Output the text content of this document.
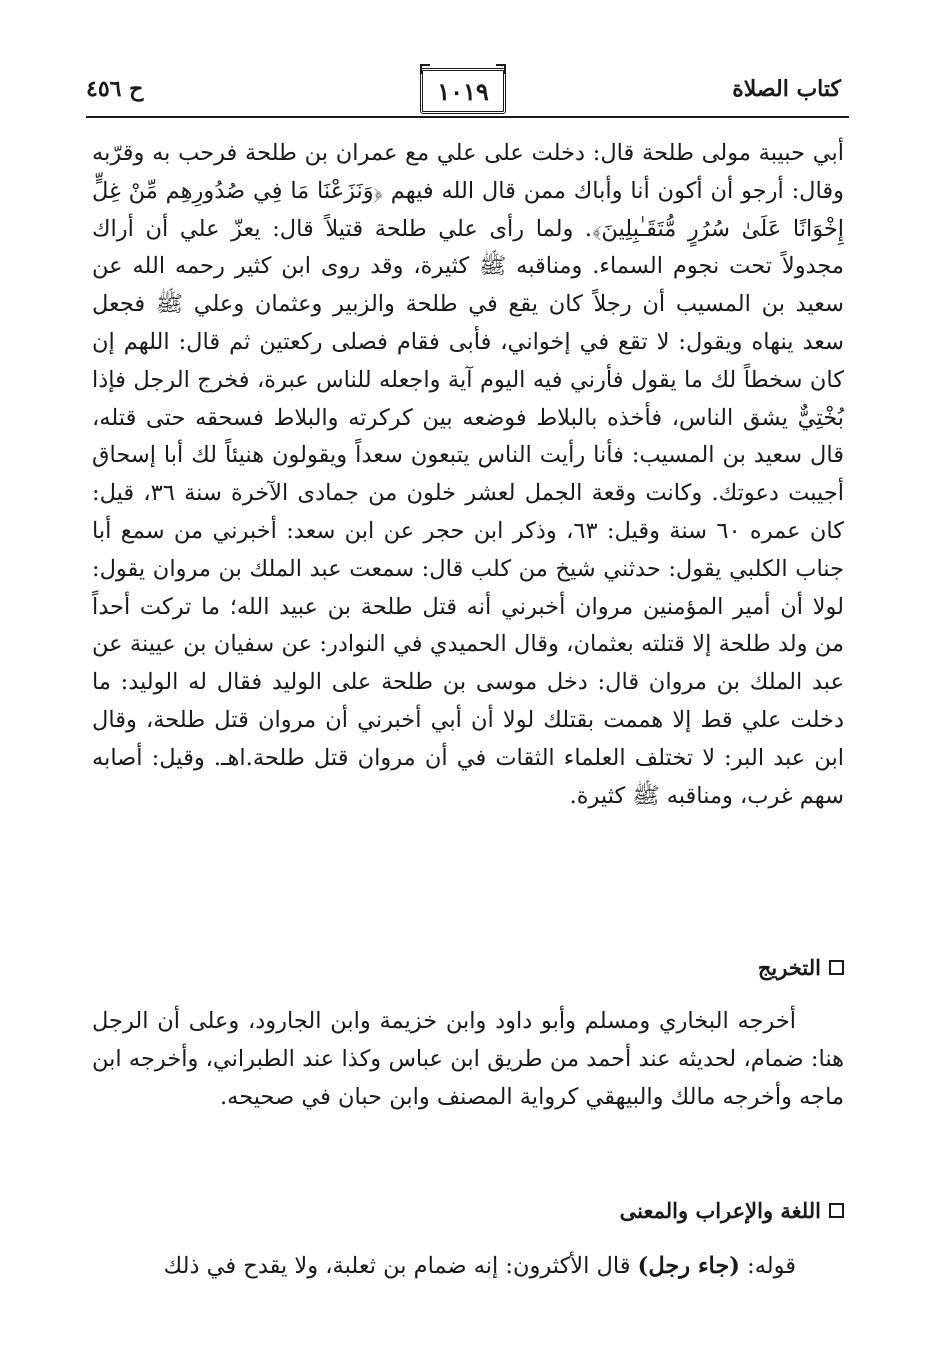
كتاب الصلاة
١٠١٩
ح ٤٥٦
أبي حبيبة مولى طلحة قال: دخلت على علي مع عمران بن طلحة فرحب به وقرّبه وقال: أرجو أن أكون أنا وأباك ممن قال الله فيهم ﴿وَنَزَعْنَا مَا فِي صُدُورِهِم مِّنْ غِلٍّ إِخْوَانًا عَلَىٰ سُرُرٍ مُّتَقَـٰبِلِينَ﴾. ولما رأى علي طلحة قتيلاً قال: يعزّ علي أن أراك مجدولاً تحت نجوم السماء. ومناقبه ﷺ كثيرة، وقد روى ابن كثير رحمه الله عن سعيد بن المسيب أن رجلاً كان يقع في طلحة والزبير وعثمان وعلي ﷺ فجعل سعد ينهاه ويقول: لا تقع في إخواني، فأبى فقام فصلى ركعتين ثم قال: اللهم إن كان سخطاً لك ما يقول فأرني فيه اليوم آية واجعله للناس عبرة، فخرج الرجل فإذا بُخْتِيٌّ يشق الناس، فأخذه بالبلاط فوضعه بين كركرته والبلاط فسحقه حتى قتله، قال سعيد بن المسيب: فأنا رأيت الناس يتبعون سعداً ويقولون هنيئاً لك أبا إسحاق أجيبت دعوتك. وكانت وقعة الجمل لعشر خلون من جمادى الآخرة سنة ٣٦، قيل: كان عمره ٦٠ سنة وقيل: ٦٣، وذكر ابن حجر عن ابن سعد: أخبرني من سمع أبا جناب الكلبي يقول: حدثني شيخ من كلب قال: سمعت عبد الملك بن مروان يقول: لولا أن أمير المؤمنين مروان أخبرني أنه قتل طلحة بن عبيد الله؛ ما تركت أحداً من ولد طلحة إلا قتلته بعثمان، وقال الحميدي في النوادر: عن سفيان بن عيينة عن عبد الملك بن مروان قال: دخل موسى بن طلحة على الوليد فقال له الوليد: ما دخلت علي قط إلا هممت بقتلك لولا أن أبي أخبرني أن مروان قتل طلحة، وقال ابن عبد البر: لا تختلف العلماء الثقات في أن مروان قتل طلحة.اهـ. وقيل: أصابه سهم غرب، ومناقبه ﷺ كثيرة.
التخريج
أخرجه البخاري ومسلم وأبو داود وابن خزيمة وابن الجارود، وعلى أن الرجل هنا: ضمام، لحديثه عند أحمد من طريق ابن عباس وكذا عند الطبراني، وأخرجه ابن ماجه وأخرجه مالك والبيهقي كرواية المصنف وابن حبان في صحيحه.
اللغة والإعراب والمعنى
قوله: (جاء رجل) قال الأكثرون: إنه ضمام بن ثعلبة، ولا يقدح في ذلك
